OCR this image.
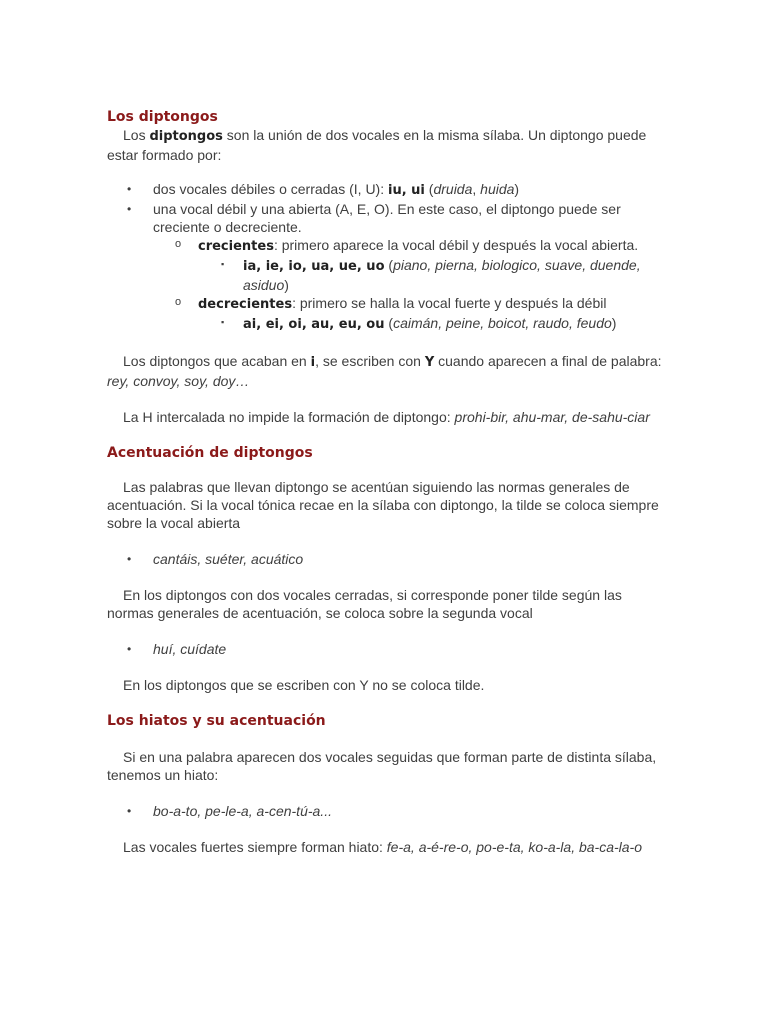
Los diptongos

Los diptongos son la unión de dos vocales en la misma sílaba. Un diptongo puede estar formado por:

• dos vocales débiles o cerradas (I, U): iu, ui (druida, huida)
• una vocal débil y una abierta (A, E, O). En este caso, el diptongo puede ser creciente o decreciente.
o crecientes: primero aparece la vocal débil y después la vocal abierta.
▪ ia, ie, io, ua, ue, uo (piano, pierna, biologico, suave, duende, asiduo)
o decrecientes: primero se halla la vocal fuerte y después la débil
▪ ai, ei, oi, au, eu, ou (caimán, peine, boicot, raudo, feudo)

Los diptongos que acaban en i, se escriben con Y cuando aparecen a final de palabra: rey, convoy, soy, doy…

La H intercalada no impide la formación de diptongo: prohi-bir, ahu-mar, de-sahu-ciar

Acentuación de diptongos

Las palabras que llevan diptongo se acentúan siguiendo las normas generales de acentuación. Si la vocal tónica recae en la sílaba con diptongo, la tilde se coloca siempre sobre la vocal abierta

• cantáis, suéter, acuático

En los diptongos con dos vocales cerradas, si corresponde poner tilde según las normas generales de acentuación, se coloca sobre la segunda vocal

• huí, cuídate

En los diptongos que se escriben con Y no se coloca tilde.

Los hiatos y su acentuación

Si en una palabra aparecen dos vocales seguidas que forman parte de distinta sílaba, tenemos un hiato:

• bo-a-to, pe-le-a, a-cen-tú-a...

Las vocales fuertes siempre forman hiato: fe-a, a-é-re-o, po-e-ta, ko-a-la, ba-ca-la-o
